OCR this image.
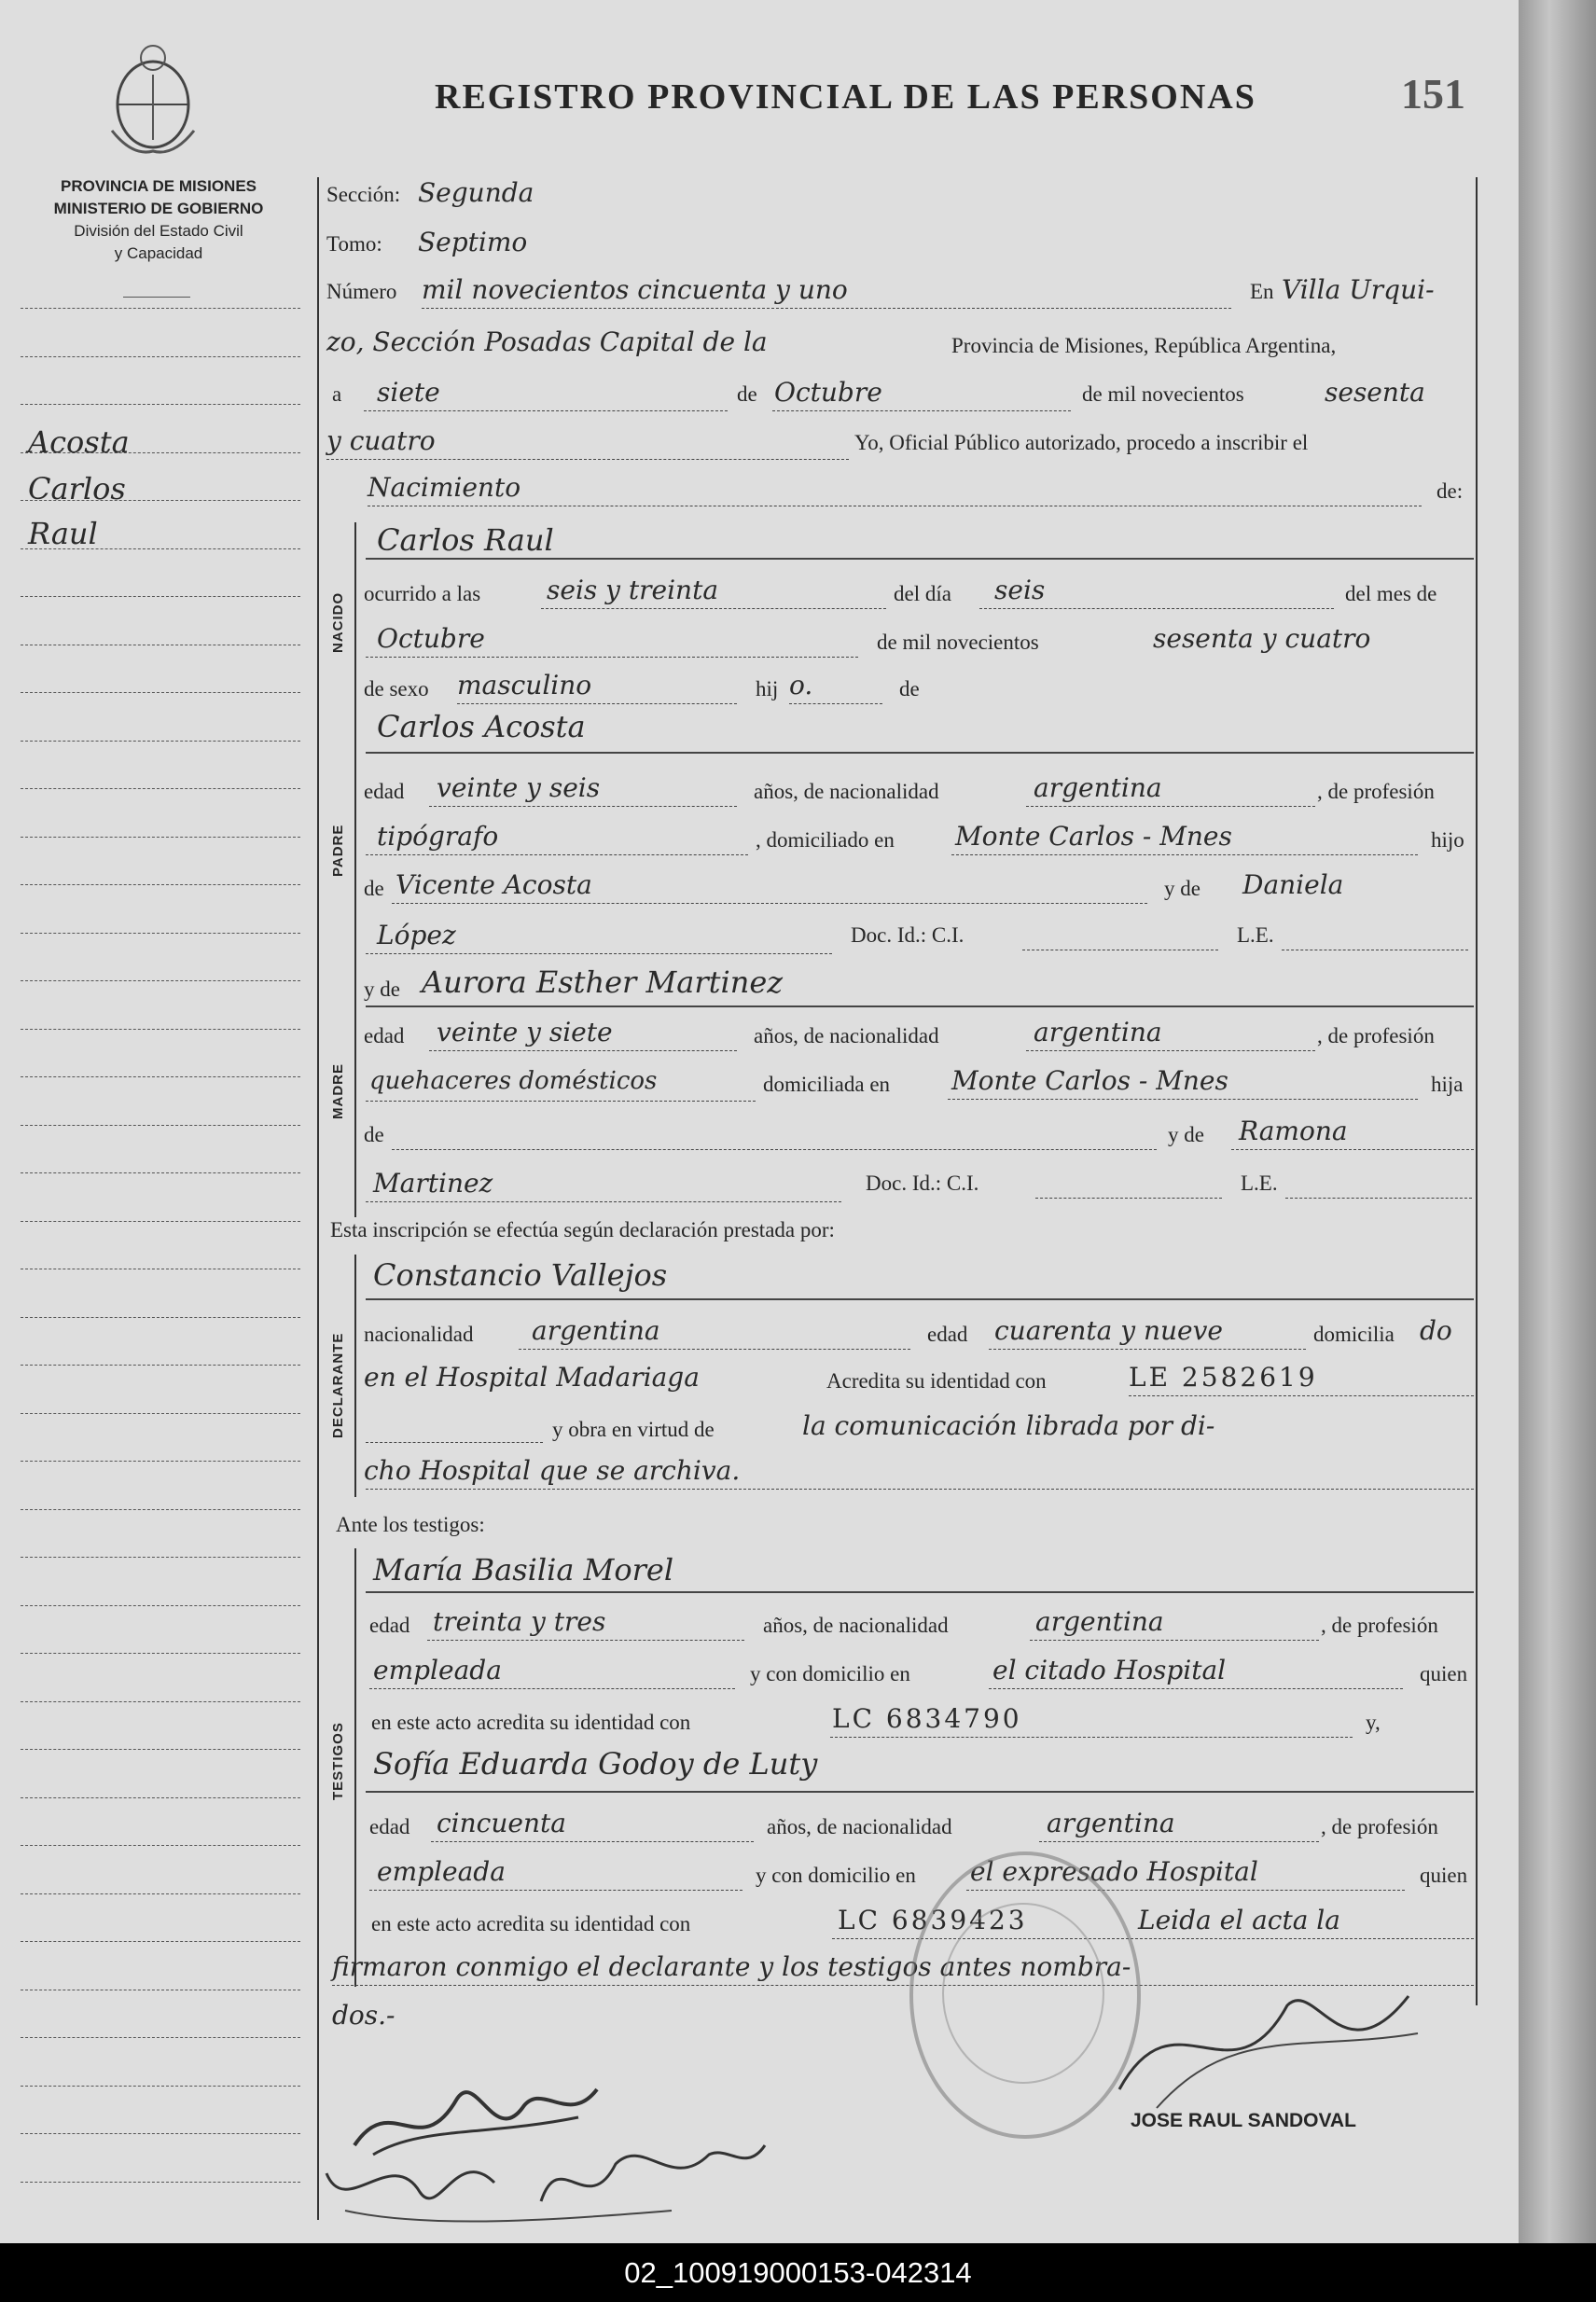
REGISTRO PROVINCIAL DE LAS PERSONAS	151
PROVINCIA DE MISIONES
MINISTERIO DE GOBIERNO
División del Estado Civil
y Capacidad
Acosta
Carlos
Raul
Sección: Segunda
Tomo: Septimo
Número mil novecientos cincuenta y uno	En Villa Urqui-
zo, Sección Posadas Capital de la	Provincia de Misiones, República Argentina,
a siete	de Octubre	de mil novecientos	sesenta
y cuatro	Yo, Oficial Público autorizado, procedo a inscribir el
Nacimiento	de:
NACIDO
Carlos Raul
ocurrido a las	seis y treinta	del día seis	del mes de
Octubre	de mil novecientos	sesenta y cuatro
de sexo masculino	hij o.	de
PADRE
Carlos Acosta
edad veinte y seis	años, de nacionalidad	argentina	, de profesión
tipógrafo	, domiciliado en Monte Carlos - Mnes	hijo
de Vicente Acosta	y de Daniela
López	Doc. Id.: C.I.	L.E.
MADRE
y de Aurora Esther Martinez
edad veinte y siete	años, de nacionalidad	argentina	, de profesión
quehaceres domésticos	domiciliada en Monte Carlos - Mnes	hija
de	y de Ramona
Martinez	Doc. Id.: C.I.	L.E.
Esta inscripción se efectúa según declaración prestada por:
DECLARANTE
Constancio Vallejos
nacionalidad argentina	edad cuarenta y nueve	domicilia do
en el Hospital Madariaga	Acredita su identidad con	LE 2582619
y obra en virtud de	la comunicación librada por di-
cho Hospital que se archiva.
Ante los testigos:
TESTIGOS
María Basilia Morel
edad treinta y tres	años, de nacionalidad	argentina	, de profesión
empleada	y con domicilio en	el citado Hospital	quien
en este acto acredita su identidad con	LC 6834790	y,
Sofía Eduarda Godoy de Luty
edad cincuenta	años, de nacionalidad	argentina	, de profesión
empleada	y con domicilio en el expresado Hospital	quien
en este acto acredita su identidad con	LC 6839423	Leida el acta la
firmaron conmigo el declarante y los testigos antes nombra-
dos.-
JOSE RAUL SANDOVAL
02_100919000153-042314
